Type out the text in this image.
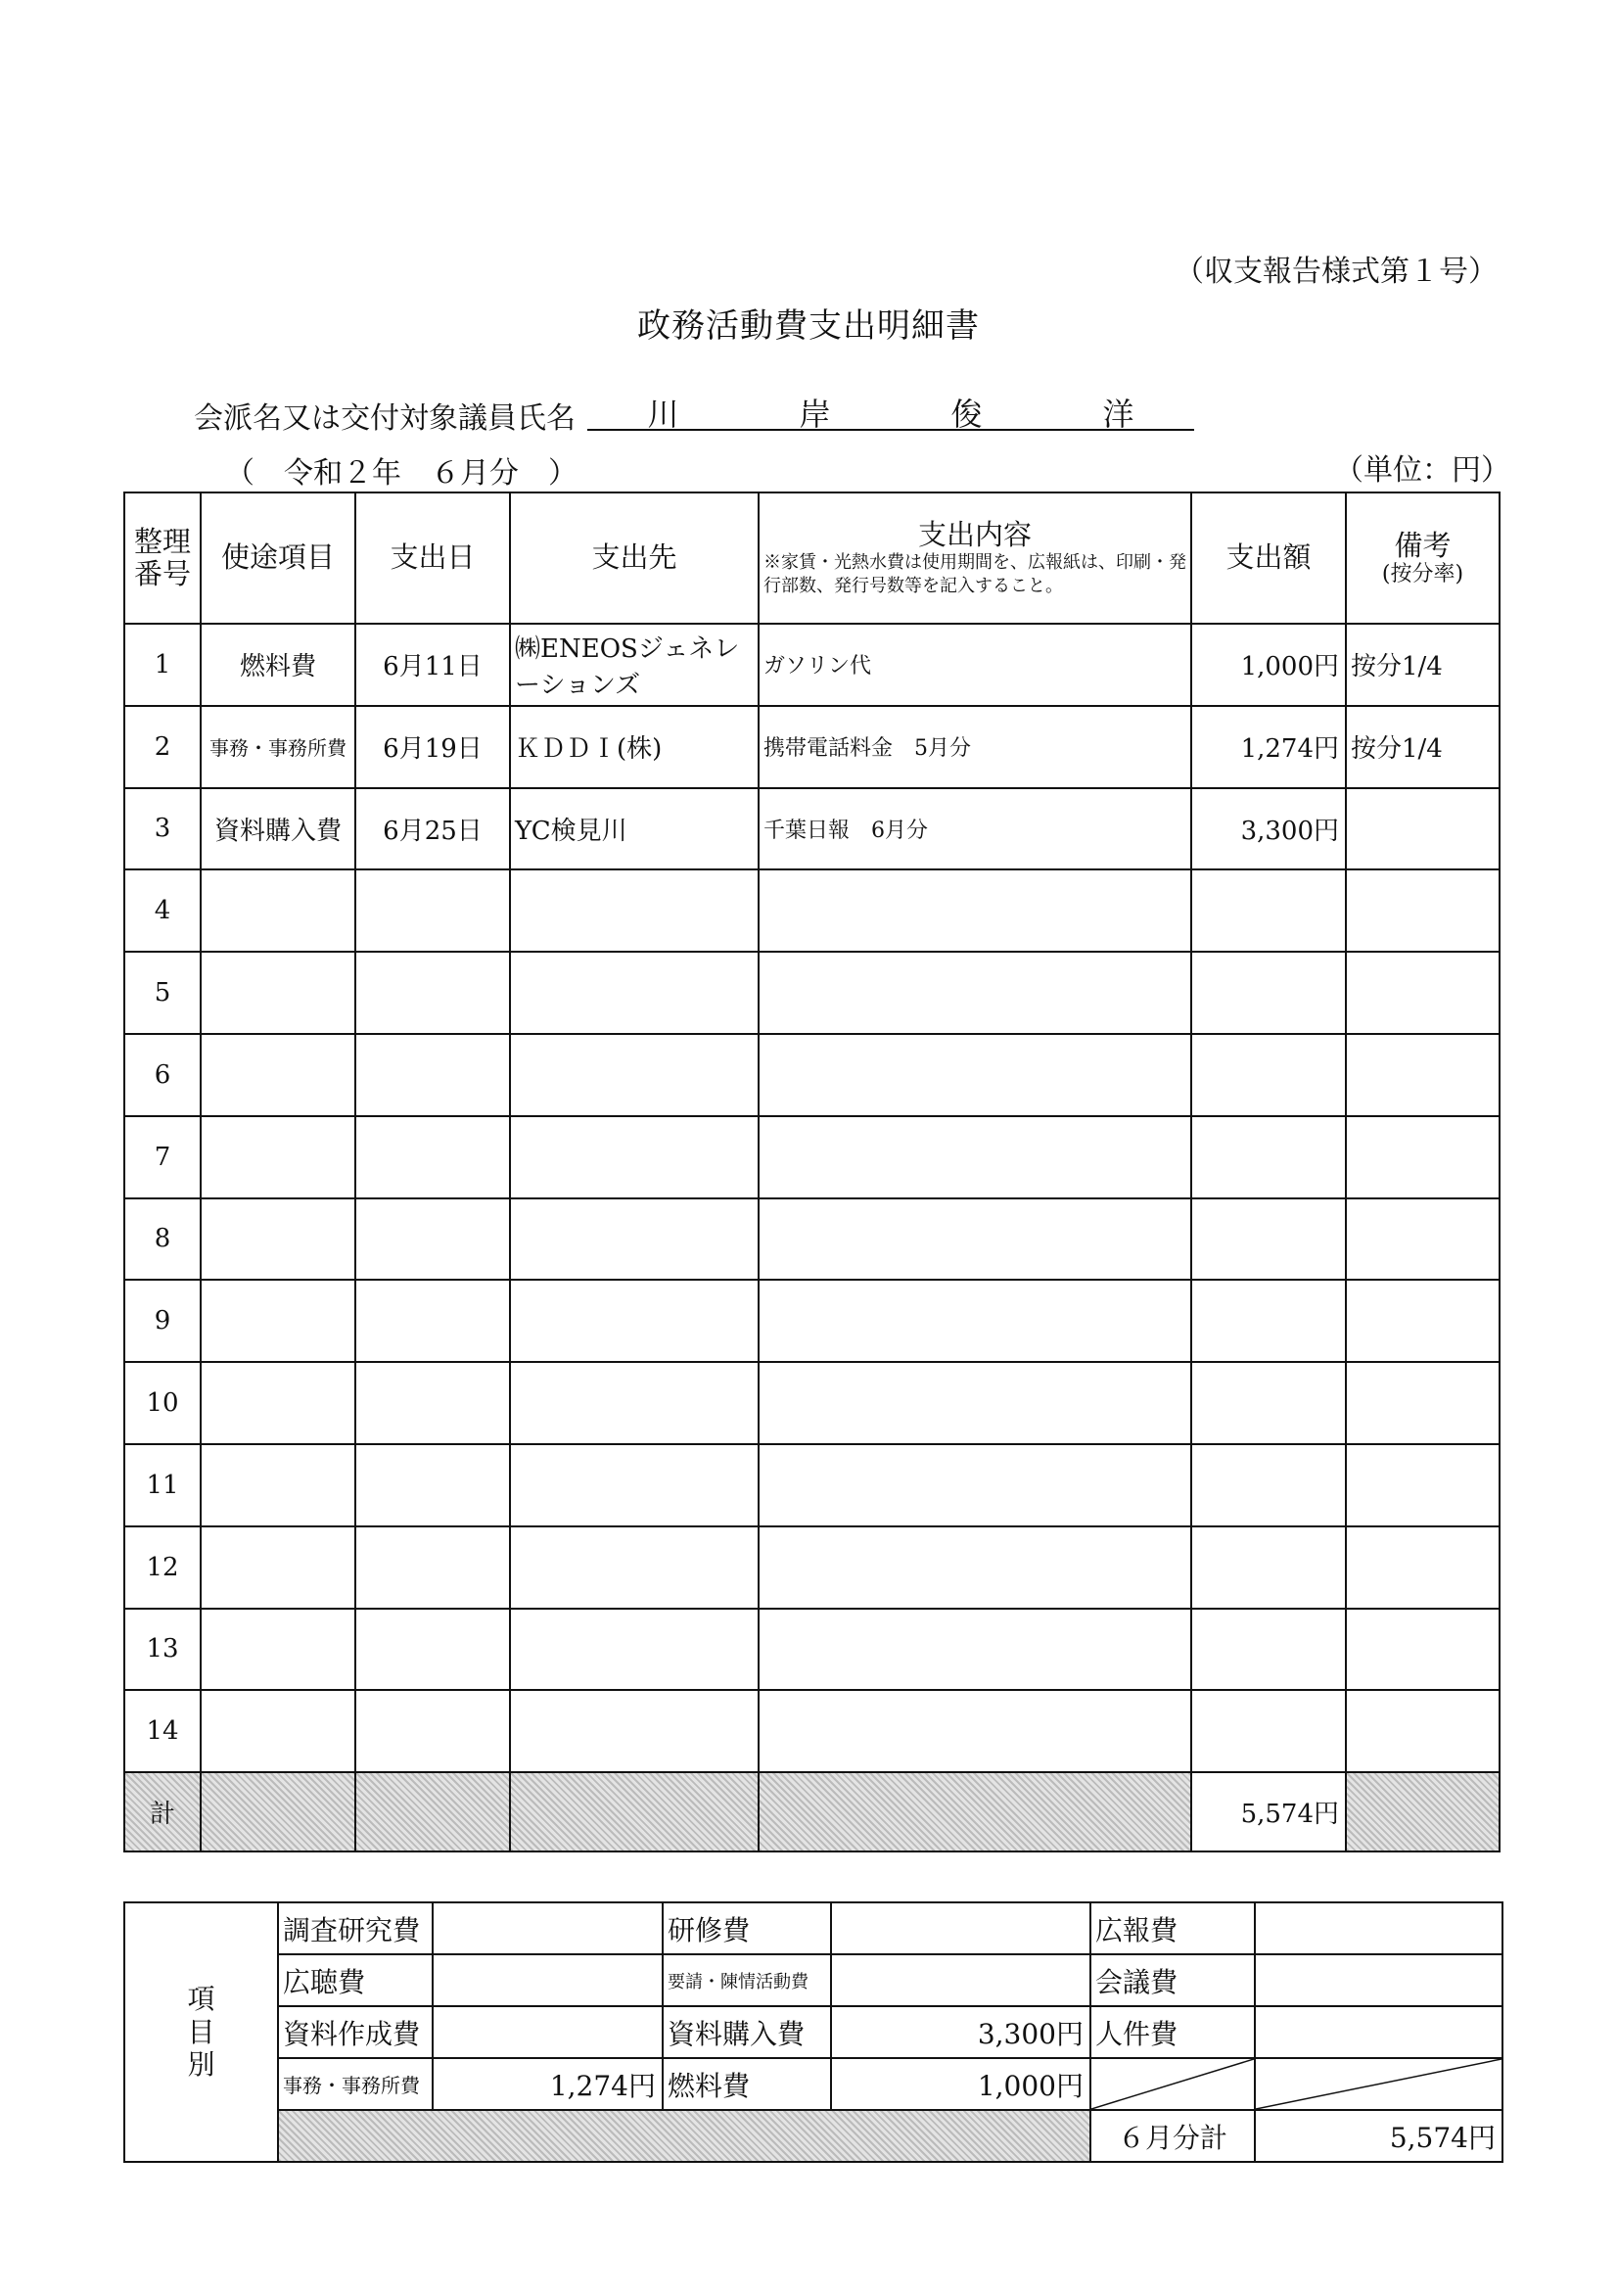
（収支報告様式第１号）
政務活動費支出明細書
会派名又は交付対象議員氏名 川	岸	俊	洋
（　令和２年　６月分　）	（単位：円）
整理番号	使途項目	支出日	支出先	支出内容
※家賃・光熱水費は使用期間を、広報紙は、印刷・発行部数、発行号数等を記入すること。	支出額	備考
(按分率)

1	燃料費	6月11日	㈱ENEOSジェネレーションズ	ガソリン代	1,000円	按分1/4
2	事務・事務所費	6月19日	ＫＤＤＩ(株)	携帯電話料金　5月分	1,274円	按分1/4
3	資料購入費	6月25日	YC検見川	千葉日報　6月分	3,300円	
4						
5						
6						
7						
8						
9						
10						
11						
12						
13						
14						
計					5,574円	
項目別	調査研究費		研修費		広報費	
	広聴費		要請・陳情活動費		会議費	
	資料作成費		資料購入費	3,300円	人件費	
	事務・事務所費	1,274円	燃料費	1,000円	

					６月分計	5,574円
